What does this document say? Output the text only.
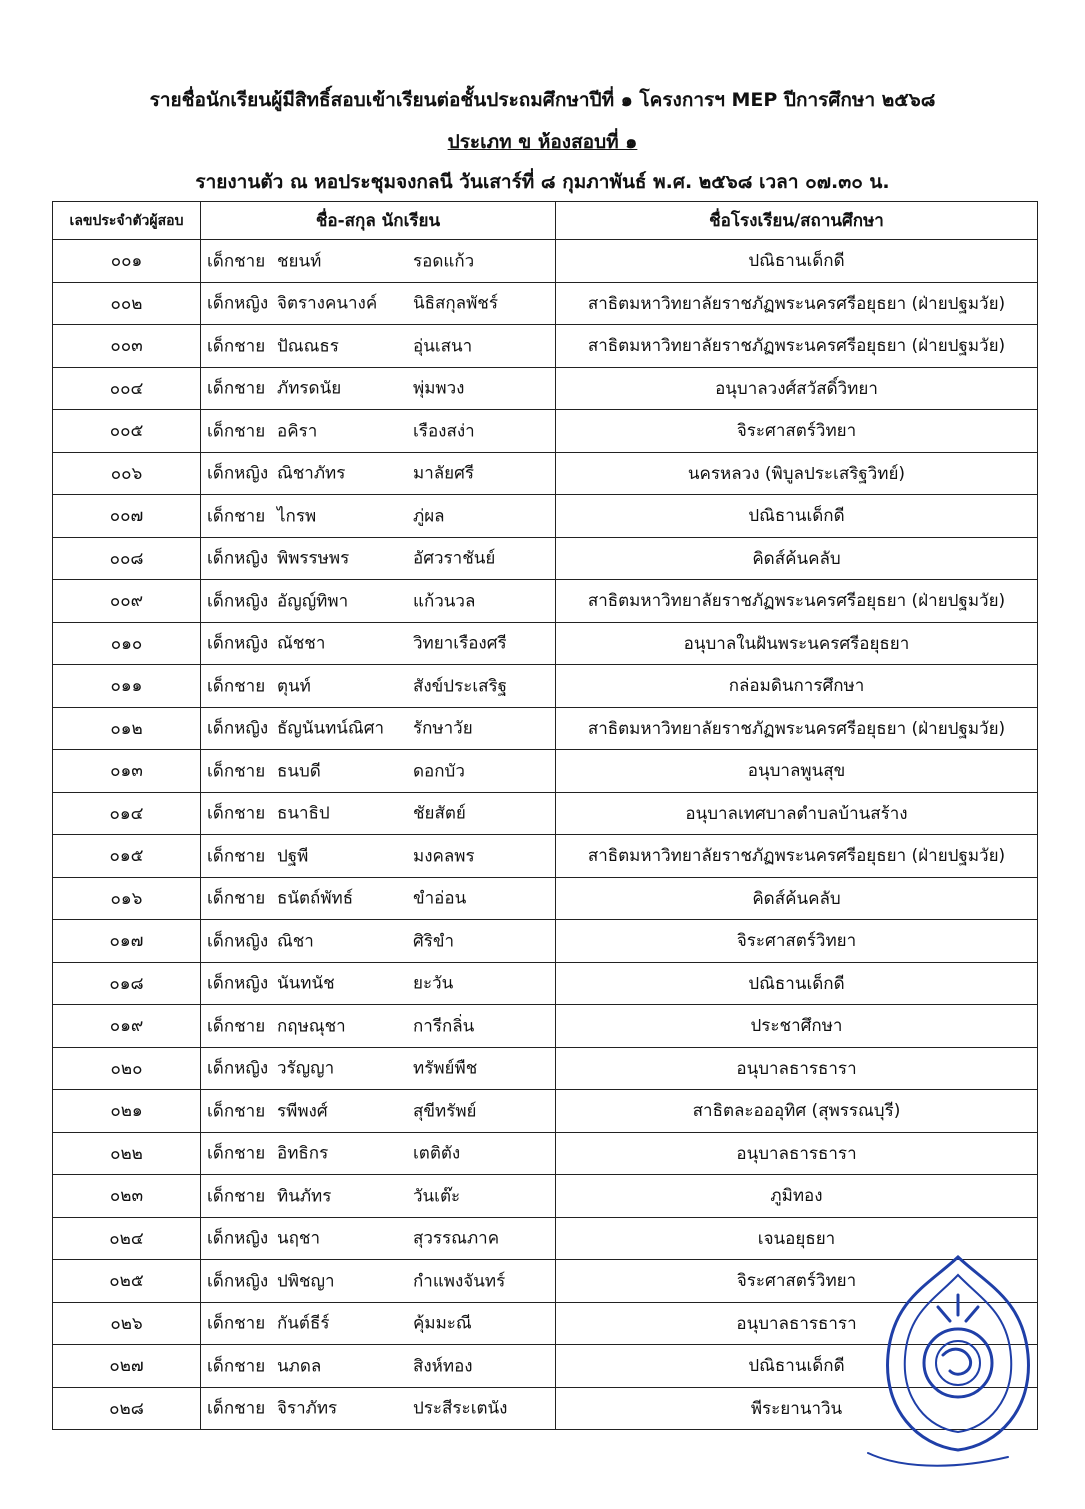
รายชื่อนักเรียนผู้มีสิทธิ์สอบเข้าเรียนต่อชั้นประถมศึกษาปีที่ ๑ โครงการฯ MEP ปีการศึกษา ๒๕๖๘
ประเภท ข ห้องสอบที่ ๑
รายงานตัว ณ หอประชุมจงกลนี วันเสาร์ที่ ๘ กุมภาพันธ์ พ.ศ. ๒๕๖๘ เวลา ๐๗.๓๐ น.
เลขประจำตัวผู้สอบ	ชื่อ-สกุล นักเรียน	ชื่อโรงเรียน/สถานศึกษา
๐๐๑	เด็กชาย ชยนท์ รอดแก้ว	ปณิธานเด็กดี
๐๐๒	เด็กหญิง จิตรางคนางค์ นิธิสกุลพัชร์	สาธิตมหาวิทยาลัยราชภัฏพระนครศรีอยุธยา (ฝ่ายปฐมวัย)
๐๐๓	เด็กชาย ปัณณธร อุ่นเสนา	สาธิตมหาวิทยาลัยราชภัฏพระนครศรีอยุธยา (ฝ่ายปฐมวัย)
๐๐๔	เด็กชาย ภัทรดนัย พุ่มพวง	อนุบาลวงศ์สวัสดิ์วิทยา
๐๐๕	เด็กชาย อคิรา เรืองสง่า	จิระศาสตร์วิทยา
๐๐๖	เด็กหญิง ณิชาภัทร มาลัยศรี	นครหลวง (พิบูลประเสริฐวิทย์)
๐๐๗	เด็กชาย ไกรพ ภู่ผล	ปณิธานเด็กดี
๐๐๘	เด็กหญิง พิพรรษพร อัศวราชันย์	คิดส์ค้นคลับ
๐๐๙	เด็กหญิง อัญญ์ทิพา แก้วนวล	สาธิตมหาวิทยาลัยราชภัฏพระนครศรีอยุธยา (ฝ่ายปฐมวัย)
๐๑๐	เด็กหญิง ณัชชา วิทยาเรืองศรี	อนุบาลในฝันพระนครศรีอยุธยา
๐๑๑	เด็กชาย ตุนท์ สังข์ประเสริฐ	กล่อมดินการศึกษา
๐๑๒	เด็กหญิง ธัญนันทน์ณิศา รักษาวัย	สาธิตมหาวิทยาลัยราชภัฏพระนครศรีอยุธยา (ฝ่ายปฐมวัย)
๐๑๓	เด็กชาย ธนบดี ดอกบัว	อนุบาลพูนสุข
๐๑๔	เด็กชาย ธนาธิป ชัยสัตย์	อนุบาลเทศบาลตำบลบ้านสร้าง
๐๑๕	เด็กชาย ปฐพี มงคลพร	สาธิตมหาวิทยาลัยราชภัฏพระนครศรีอยุธยา (ฝ่ายปฐมวัย)
๐๑๖	เด็กชาย ธนัตถ์พัทธ์ ขำอ่อน	คิดส์ค้นคลับ
๐๑๗	เด็กหญิง ณิชา ศิริขำ	จิระศาสตร์วิทยา
๐๑๘	เด็กหญิง นันทนัช ยะวัน	ปณิธานเด็กดี
๐๑๙	เด็กชาย กฤษณุชา การีกลิ่น	ประชาศึกษา
๐๒๐	เด็กหญิง วรัญญา ทรัพย์พืช	อนุบาลธารธารา
๐๒๑	เด็กชาย รพีพงศ์ สุขีทรัพย์	สาธิตละอออุทิศ (สุพรรณบุรี)
๐๒๒	เด็กชาย อิทธิกร เตติตัง	อนุบาลธารธารา
๐๒๓	เด็กชาย ทินภัทร วันเต๊ะ	ภูมิทอง
๐๒๔	เด็กหญิง นฤชา สุวรรณภาค	เจนอยุธยา
๐๒๕	เด็กหญิง ปพิชญา กำแพงจันทร์	จิระศาสตร์วิทยา
๐๒๖	เด็กชาย กันต์ธีร์ คุ้มมะณี	อนุบาลธารธารา
๐๒๗	เด็กชาย นภดล สิงห์ทอง	ปณิธานเด็กดี
๐๒๘	เด็กชาย จิราภัทร ประสีระเตนัง	พีระยานาวิน
